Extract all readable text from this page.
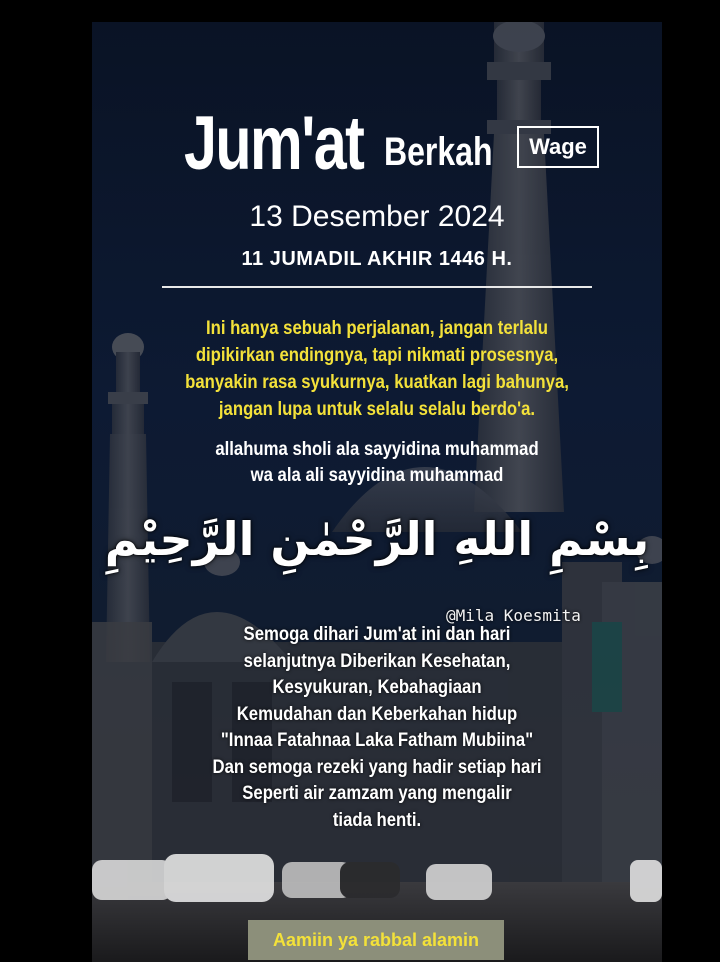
Jum'at Berkah	Wage
13 Desember 2024
11 JUMADIL AKHIR 1446 H.
Ini hanya sebuah perjalanan, jangan terlalu
dipikirkan endingnya, tapi nikmati prosesnya,
banyakin rasa syukurnya, kuatkan lagi bahunya,
jangan lupa untuk selalu selalu berdo'a.
allahuma sholi ala sayyidina muhammad
wa ala ali sayyidina muhammad
بِسْمِ اللهِ الرَّحْمٰنِ الرَّحِيْمِ
@Mila Koesmita
Semoga dihari Jum'at ini dan hari
selanjutnya Diberikan Kesehatan,
Kesyukuran, Kebahagiaan
Kemudahan dan Keberkahan hidup
"Innaa Fatahnaa Laka Fatham Mubiina"
Dan semoga rezeki yang hadir setiap hari
Seperti air zamzam yang mengalir
tiada henti.
Aamiin ya rabbal alamin
